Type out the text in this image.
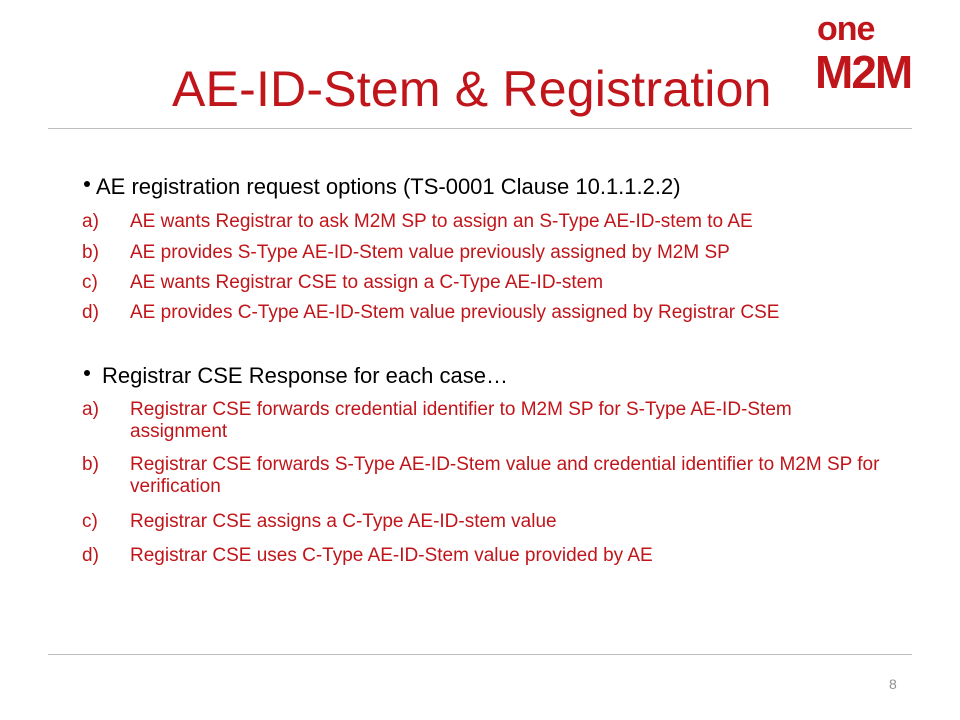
AE-ID-Stem & Registration
one
M2M
AE registration request options (TS-0001 Clause 10.1.1.2.2)
a)	AE wants Registrar to ask M2M SP to assign an S-Type AE-ID-stem to AE
b)	AE provides S-Type AE-ID-Stem value previously assigned by M2M SP
c)	AE wants Registrar CSE to assign a C-Type AE-ID-stem
d)	AE provides C-Type AE-ID-Stem value previously assigned by Registrar CSE
Registrar CSE Response for each case…
a)	Registrar CSE forwards credential identifier to M2M SP for S-Type AE-ID-Stem assignment
b)	Registrar CSE forwards S-Type AE-ID-Stem value and credential identifier to M2M SP for verification
c)	Registrar CSE assigns a C-Type AE-ID-stem value
d)	Registrar CSE uses C-Type AE-ID-Stem value provided by AE
8
